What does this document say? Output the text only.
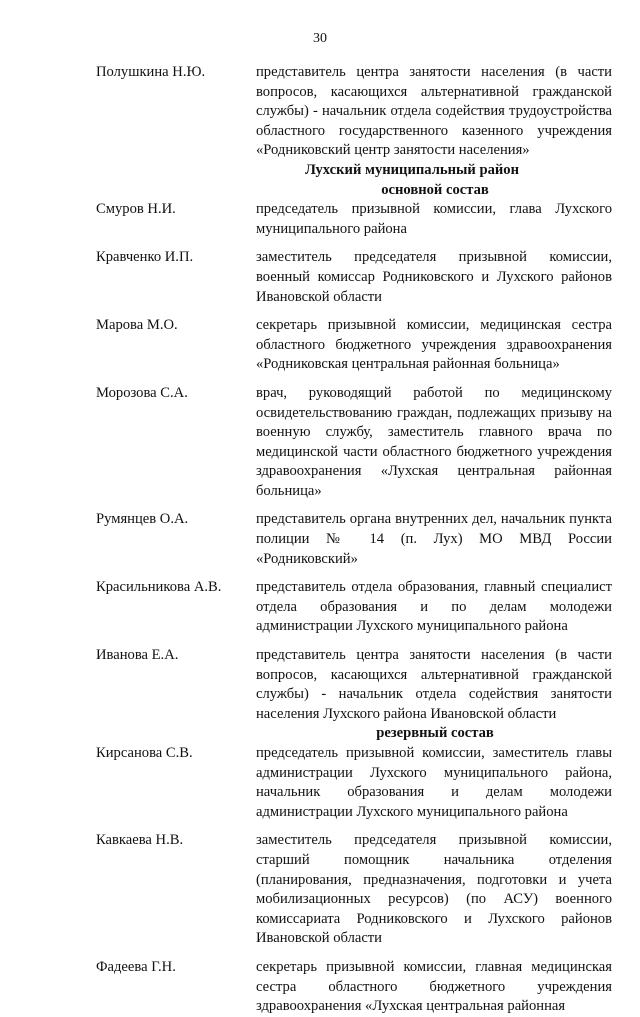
30
Полушкина Н.Ю.	представитель центра занятости населения (в части вопросов, касающихся альтернативной гражданской службы) - начальник отдела содействия трудоустройства областного государственного казенного учреждения «Родниковский центр занятости населения»
Лухский муниципальный район
основной состав
Смуров Н.И.	председатель призывной комиссии, глава Лухского муниципального района
Кравченко И.П.	заместитель председателя призывной комиссии, военный комиссар Родниковского и Лухского районов Ивановской области
Марова М.О.	секретарь призывной комиссии, медицинская сестра областного бюджетного учреждения здравоохранения «Родниковская центральная районная больница»
Морозова С.А.	врач, руководящий работой по медицинскому освидетельствованию граждан, подлежащих призыву на военную службу, заместитель главного врача по медицинской части областного бюджетного учреждения здравоохранения «Лухская центральная районная больница»
Румянцев О.А.	представитель органа внутренних дел, начальник пункта полиции № 14 (п. Лух) МО МВД России «Родниковский»
Красильникова А.В.	представитель отдела образования, главный специалист отдела образования и по делам молодежи администрации Лухского муниципального района
Иванова Е.А.	представитель центра занятости населения (в части вопросов, касающихся альтернативной гражданской службы) - начальник отдела содействия занятости населения Лухского района Ивановской области
резервный состав
Кирсанова С.В.	председатель призывной комиссии, заместитель главы администрации Лухского муниципального района, начальник образования и делам молодежи администрации Лухского муниципального района
Кавкаева Н.В.	заместитель председателя призывной комиссии, старший помощник начальника отделения (планирования, предназначения, подготовки и учета мобилизационных ресурсов) (по АСУ) военного комиссариата Родниковского и Лухского районов Ивановской области
Фадеева Г.Н.	секретарь призывной комиссии, главная медицинская сестра областного бюджетного учреждения здравоохранения «Лухская центральная районная
